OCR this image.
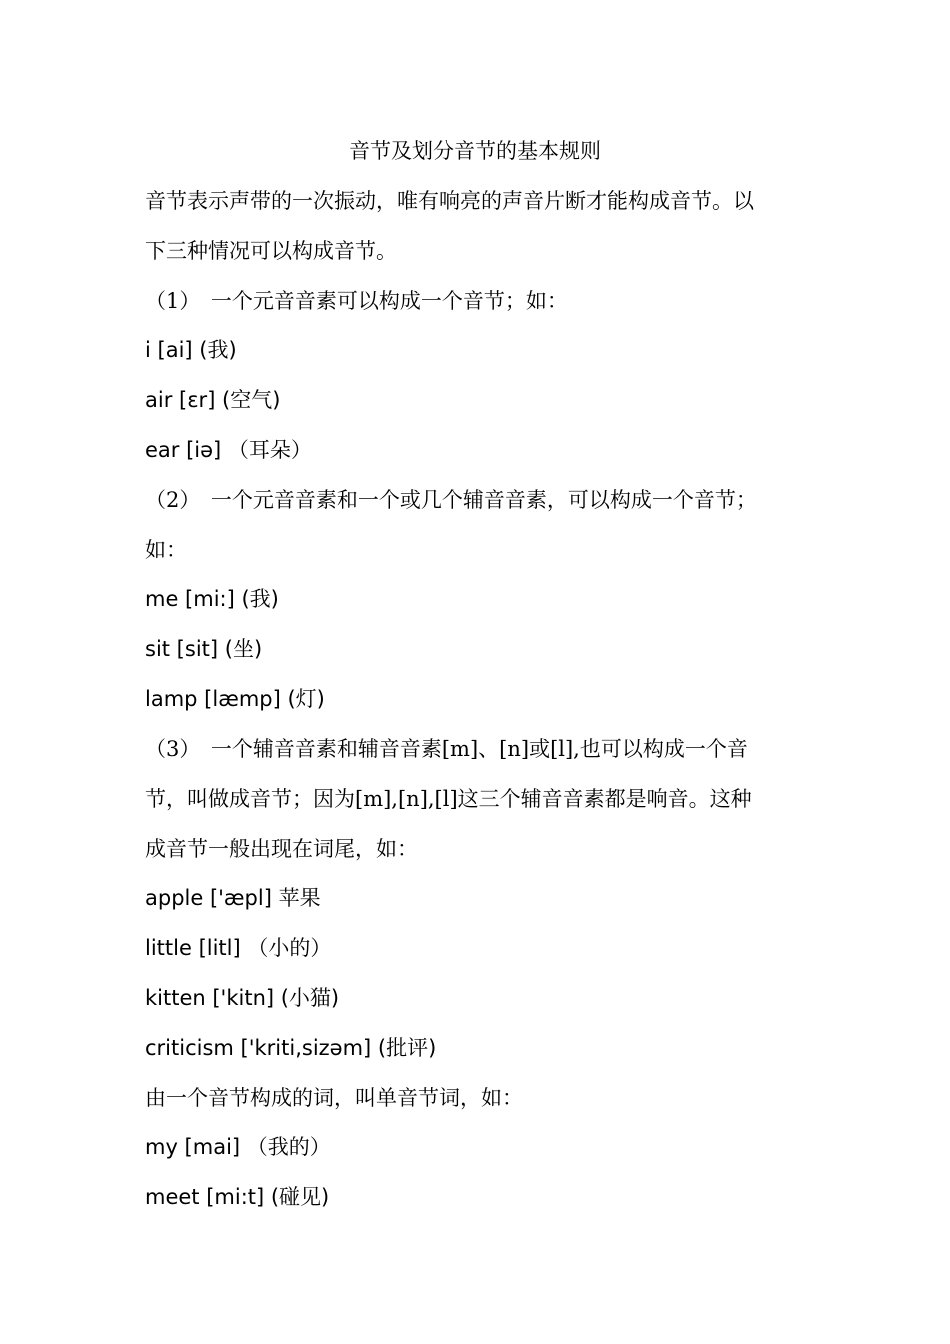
音节及划分音节的基本规则
音节表示声带的一次振动，唯有响亮的声音片断才能构成音节。以
下三种情况可以构成音节。
（1）　一个元音音素可以构成一个音节；如：
i [ai] (我)
air [ɛr] (空气)
ear [iə] （耳朵）
（2）　一个元音音素和一个或几个辅音音素，可以构成一个音节；
如：
me [mi:] (我)
sit [sit] (坐)
lamp [læmp] (灯)
（3）　一个辅音音素和辅音音素[m]、[n]或[l],也可以构成一个音
节，叫做成音节；因为[m],[n],[l]这三个辅音音素都是响音。这种
成音节一般出现在词尾，如：
apple ['æpl] 苹果
little [litl] （小的）
kitten ['kitn] (小猫)
criticism ['kriti,sizəm] (批评)
由一个音节构成的词，叫单音节词，如：
my [mai] （我的）
meet [mi:t] (碰见)
